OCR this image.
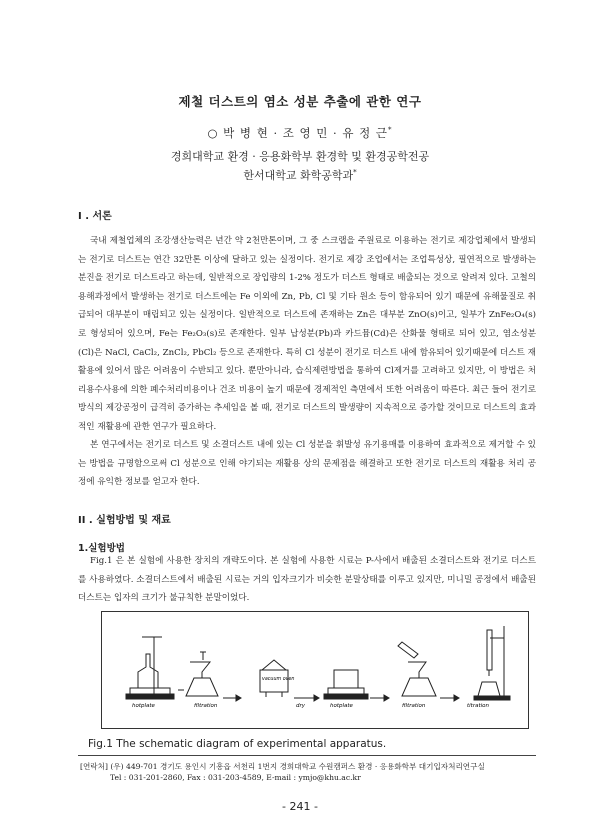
제철 더스트의 염소 성분 추출에 관한 연구
○ 박 병 현 · 조 영 민 · 유 정 근*
경희대학교 환경 · 응용화학부 환경학 및 환경공학전공
한서대학교 화학공학과*
I . 서론

국내 제철업체의 조강생산능력은 년간 약 2천만톤이며, 그 중 스크랩을 주원료로 이용하는 전기로 제강업체에서 발생되는 전기로 더스트는 연간 32만톤 이상에 달하고 있는 실정이다. 전기로 제강 조업에서는 조업특성상, 필연적으로 발생하는 분진을 전기로 더스트라고 하는데, 일반적으로 장입량의 1-2% 정도가 더스트 형태로 배출되는 것으로 알려져 있다. 고철의 용해과정에서 발생하는 전기로 더스트에는 Fe 이외에 Zn, Pb, Cl 및 기타 원소 등이 함유되어 있기 때문에 유해물질로 취급되어 대부분이 매립되고 있는 실정이다. 일반적으로 더스트에 존재하는 Zn은 대부분 ZnO(s)이고, 일부가 ZnFe₂O₄(s)로 형성되어 있으며, Fe는 Fe₂O₃(s)로 존재한다. 일부 납성분(Pb)과 카드뮴(Cd)은 산화물 형태로 되어 있고, 염소성분(Cl)은 NaCl, CaCl₂, ZnCl₂, PbCl₂ 등으로 존재한다. 특히 Cl 성분이 전기로 더스트 내에 함유되어 있기때문에 더스트 재활용에 있어서 많은 어려움이 수반되고 있다. 뿐만아니라, 습식제련방법을 통하여 Cl제거를 고려하고 있지만, 이 방법은 처리용수사용에 의한 폐수처리비용이나 건조 비용이 높기 때문에 경제적인 측면에서 또한 어려움이 따른다. 최근 들어 전기로 방식의 제강공정이 급격히 증가하는 추세임을 볼 때, 전기로 더스트의 발생량이 지속적으로 증가할 것이므로 더스트의 효과적인 재활용에 관한 연구가 필요하다.

본 연구에서는 전기로 더스트 및 소결더스트 내에 있는 Cl 성분을 휘발성 유기용매를 이용하여 효과적으로 제거할 수 있는 방법을 규명함으로써 Cl 성분으로 인해 야기되는 재활용 상의 문제점을 해결하고 또한 전기로 더스트의 재활용 처리 공정에 유익한 정보를 얻고자 한다.

II . 실험방법 및 재료
1.실험방법

Fig.1 은 본 실험에 사용한 장치의 개략도이다. 본 실험에 사용한 시료는 P-사에서 배출된 소결더스트와 전기로 더스트를 사용하였다. 소결더스트에서 배출된 시료는 거의 입자크기가 비슷한 분말상태를 이루고 있지만, 미니밀 공정에서 배출된 더스트는 입자의 크기가 불규칙한 분말이었다.

hotplate	filtration
vacuum oven
dry	hotplate	filtration	titration
Fig.1 The schematic diagram of experimental apparatus.
[연락처] (우) 449-701 경기도 용인시 기흥읍 서천리 1번지 경희대학교 수원캠퍼스 환경 · 응용화학부 대기입자처리연구실
Tel : 031-201-2860, Fax : 031-203-4589, E-mail : ymjo@khu.ac.kr
- 241 -
